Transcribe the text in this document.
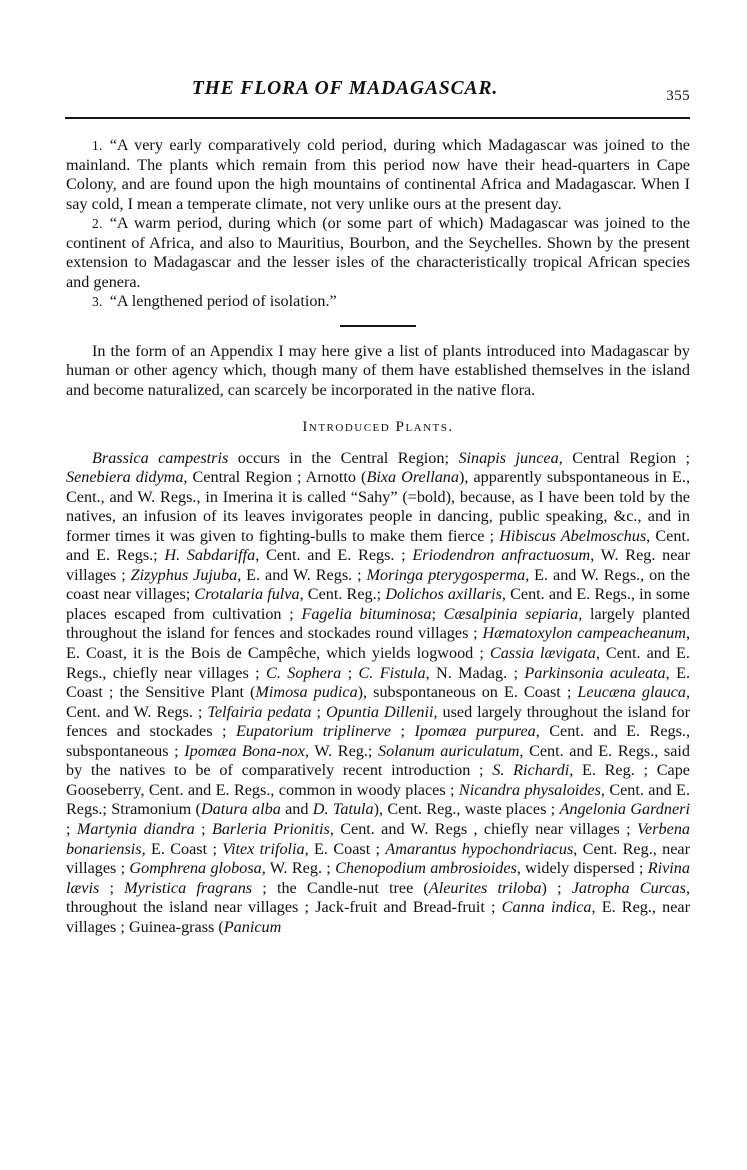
THE FLORA OF MADAGASCAR.	355

1. “A very early comparatively cold period, during which Madagascar was joined to the mainland. The plants which remain from this period now have their head-quarters in Cape Colony, and are found upon the high mountains of continental Africa and Madagascar. When I say cold, I mean a temperate climate, not very unlike ours at the present day.

2. “A warm period, during which (or some part of which) Madagascar was joined to the continent of Africa, and also to Mauritius, Bourbon, and the Seychelles. Shown by the present extension to Madagascar and the lesser isles of the characteristically tropical African species and genera.

3. “A lengthened period of isolation.”

In the form of an Appendix I may here give a list of plants introduced into Madagascar by human or other agency which, though many of them have established themselves in the island and become naturalized, can scarcely be incorporated in the native flora.

Introduced Plants.

Brassica campestris occurs in the Central Region; Sinapis juncea, Central Region ; Senebiera didyma, Central Region ; Arnotto (Bixa Orellana), apparently subspontaneous in E., Cent., and W. Regs., in Imerina it is called “Sahy” (=bold), because, as I have been told by the natives, an infusion of its leaves invigorates people in dancing, public speaking, &c., and in former times it was given to fighting-bulls to make them fierce ; Hibiscus Abelmoschus, Cent. and E. Regs.; H. Sabdariffa, Cent. and E. Regs. ; Eriodendron anfractuosum, W. Reg. near villages ; Zizyphus Jujuba, E. and W. Regs. ; Moringa pterygosperma, E. and W. Regs., on the coast near villages; Crotalaria fulva, Cent. Reg.; Dolichos axillaris, Cent. and E. Regs., in some places escaped from cultivation ; Fagelia bituminosa; Cæsalpinia sepiaria, largely planted throughout the island for fences and stockades round villages ; Hæmatoxylon campeacheanum, E. Coast, it is the Bois de Campêche, which yields logwood ; Cassia lævigata, Cent. and E. Regs., chiefly near villages ; C. Sophera ; C. Fistula, N. Madag. ; Parkinsonia aculeata, E. Coast ; the Sensitive Plant (Mimosa pudica), subspontaneous on E. Coast ; Leucæna glauca, Cent. and W. Regs. ; Telfairia pedata ; Opuntia Dillenii, used largely throughout the island for fences and stockades ; Eupatorium triplinerve ; Ipomæa purpurea, Cent. and E. Regs., subspontaneous ; Ipomæa Bona-nox, W. Reg.; Solanum auriculatum, Cent. and E. Regs., said by the natives to be of comparatively recent introduction ; S. Richardi, E. Reg. ; Cape Gooseberry, Cent. and E. Regs., common in woody places ; Nicandra physaloides, Cent. and E. Regs.; Stramonium (Datura alba and D. Tatula), Cent. Reg., waste places ; Angelonia Gardneri ; Martynia diandra ; Barleria Prionitis, Cent. and W. Regs , chiefly near villages ; Verbena bonariensis, E. Coast ; Vitex trifolia, E. Coast ; Amarantus hypochondriacus, Cent. Reg., near villages ; Gomphrena globosa, W. Reg. ; Chenopodium ambrosioides, widely dispersed ; Rivina lævis ; Myristica fragrans ; the Candle-nut tree (Aleurites triloba) ; Jatropha Curcas, throughout the island near villages ; Jack-fruit and Bread-fruit ; Canna indica, E. Reg., near villages ; Guinea-grass (Panicum
